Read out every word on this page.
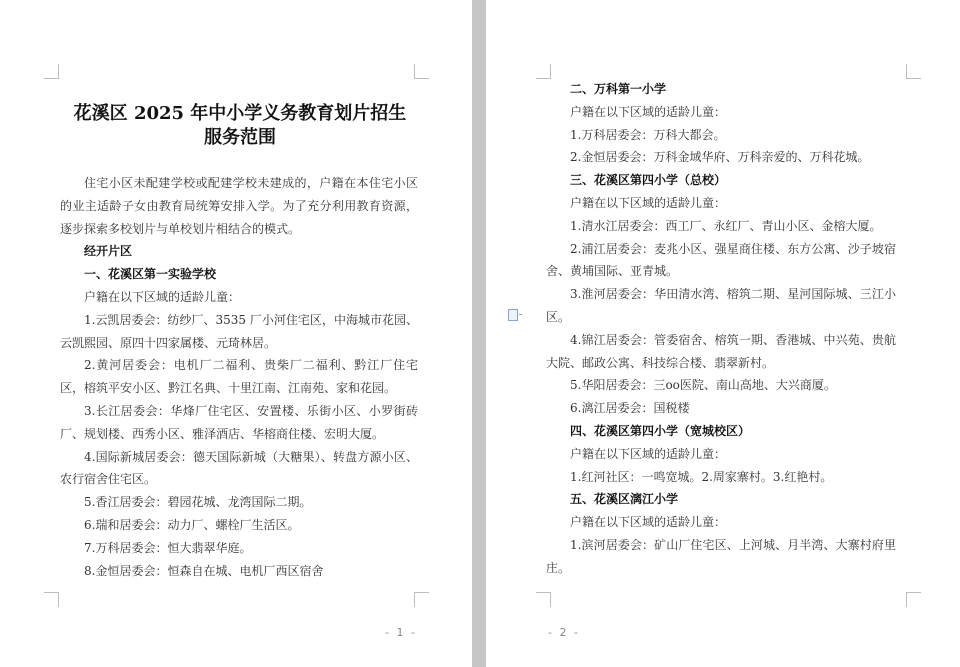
花溪区 2025 年中小学义务教育划片招生
服务范围

住宅小区未配建学校或配建学校未建成的，户籍在本住宅小区的业主适龄子女由教育局统筹安排入学。为了充分利用教育资源，逐步探索多校划片与单校划片相结合的模式。

经开片区

一、花溪区第一实验学校

户籍在以下区域的适龄儿童：

1.云凯居委会：纺纱厂、3535 厂小河住宅区，中海城市花园、云凯熙园、原四十四家属楼、元琦林居。

2.黄河居委会：电机厂二福利、贵柴厂二福利、黔江厂住宅区，榕筑平安小区、黔江名典、十里江南、江南苑、家和花园。

3.长江居委会：华烽厂住宅区、安置楼、乐街小区、小罗街砖厂、规划楼、西秀小区、雅泽酒店、华榕商住楼、宏明大厦。

4.国际新城居委会：德天国际新城（大糖果）、转盘方源小区、农行宿舍住宅区。

5.香江居委会：碧园花城、龙湾国际二期。

6.瑞和居委会：动力厂、螺栓厂生活区。

7.万科居委会：恒大翡翠华庭。

8.金恒居委会：恒森自在城、电机厂西区宿舍

- 1 -

二、万科第一小学

户籍在以下区域的适龄儿童：

1.万科居委会：万科大都会。

2.金恒居委会：万科金域华府、万科亲爱的、万科花城。

三、花溪区第四小学（总校）

户籍在以下区域的适龄儿童：

1.清水江居委会：西工厂、永红厂、青山小区、金榕大厦。

2.浦江居委会：麦兆小区、强星商住楼、东方公寓、沙子坡宿舍、黄埔国际、亚青城。

3.淮河居委会：华田清水湾、榕筑二期、星河国际城、三江小区。

4.锦江居委会：管委宿舍、榕筑一期、香港城、中兴苑、贵航大院、邮政公寓、科技综合楼、翡翠新村。

5.华阳居委会：三oo医院、南山高地、大兴商厦。

6.漓江居委会：国税楼

四、花溪区第四小学（宽城校区）

户籍在以下区域的适龄儿童：

1.红河社区：一鸣宽城。2.周家寨村。3.红艳村。

五、花溪区漓江小学

户籍在以下区域的适龄儿童：

1.滨河居委会：矿山厂住宅区、上河城、月半湾、大寨村府里庄。

- 2 -
